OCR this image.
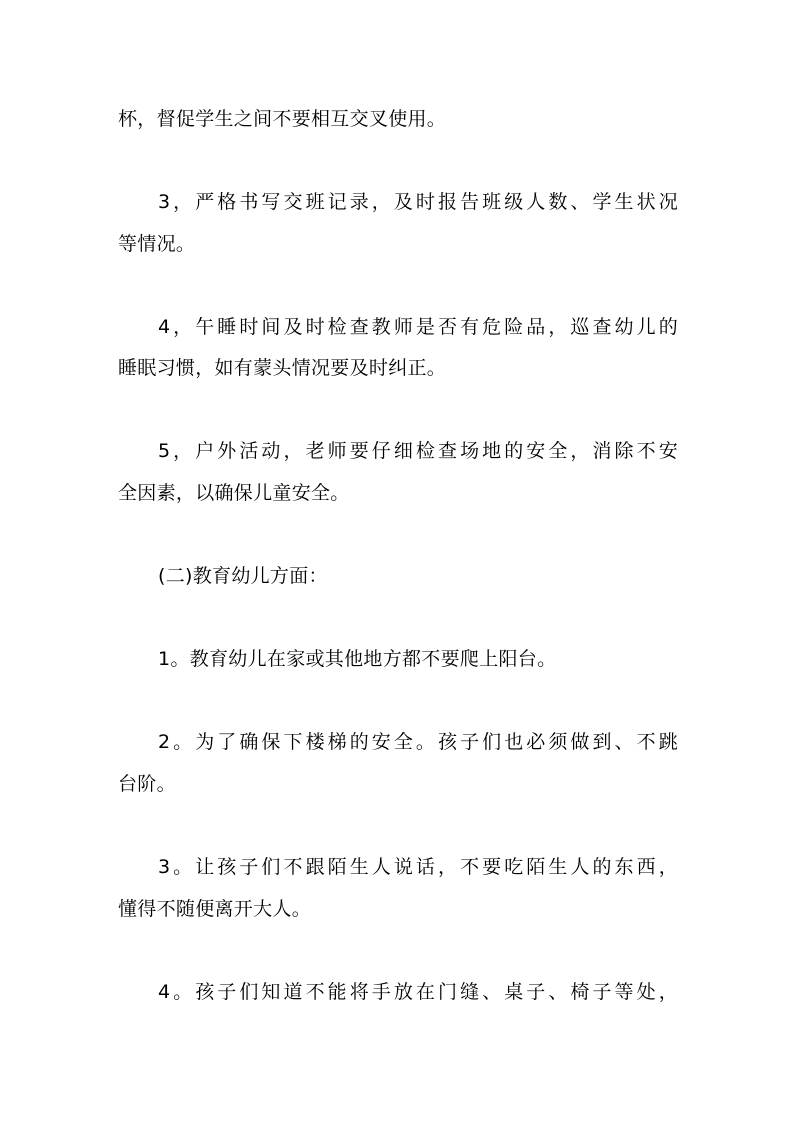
杯，督促学生之间不要相互交叉使用。
3，严格书写交班记录，及时报告班级人数、学生状况
等情况。
4，午睡时间及时检查教师是否有危险品，巡查幼儿的
睡眠习惯，如有蒙头情况要及时纠正。
5，户外活动，老师要仔细检查场地的安全，消除不安
全因素，以确保儿童安全。
(二)教育幼儿方面：
1。教育幼儿在家或其他地方都不要爬上阳台。
2。为了确保下楼梯的安全。孩子们也必须做到、不跳
台阶。
3。让孩子们不跟陌生人说话，不要吃陌生人的东西，
懂得不随便离开大人。
4。孩子们知道不能将手放在门缝、桌子、椅子等处，
